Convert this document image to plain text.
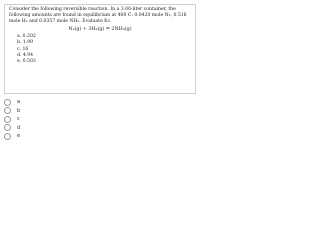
Consider the following reversible reaction. In a 3.00-liter container, the
following amounts are found in equilibrium at 400 C: 0.0420 mole N₂, 0.516
mole H₂ and 0.0357 mole NH₃. Evaluate Kc.
N₂(g) + 3H₂(g) ⇌ 2NH₃(g)
a. 0.202
b. 1.99
c. 16
d. 4.94
e. 0.503
a
b
c
d
e
